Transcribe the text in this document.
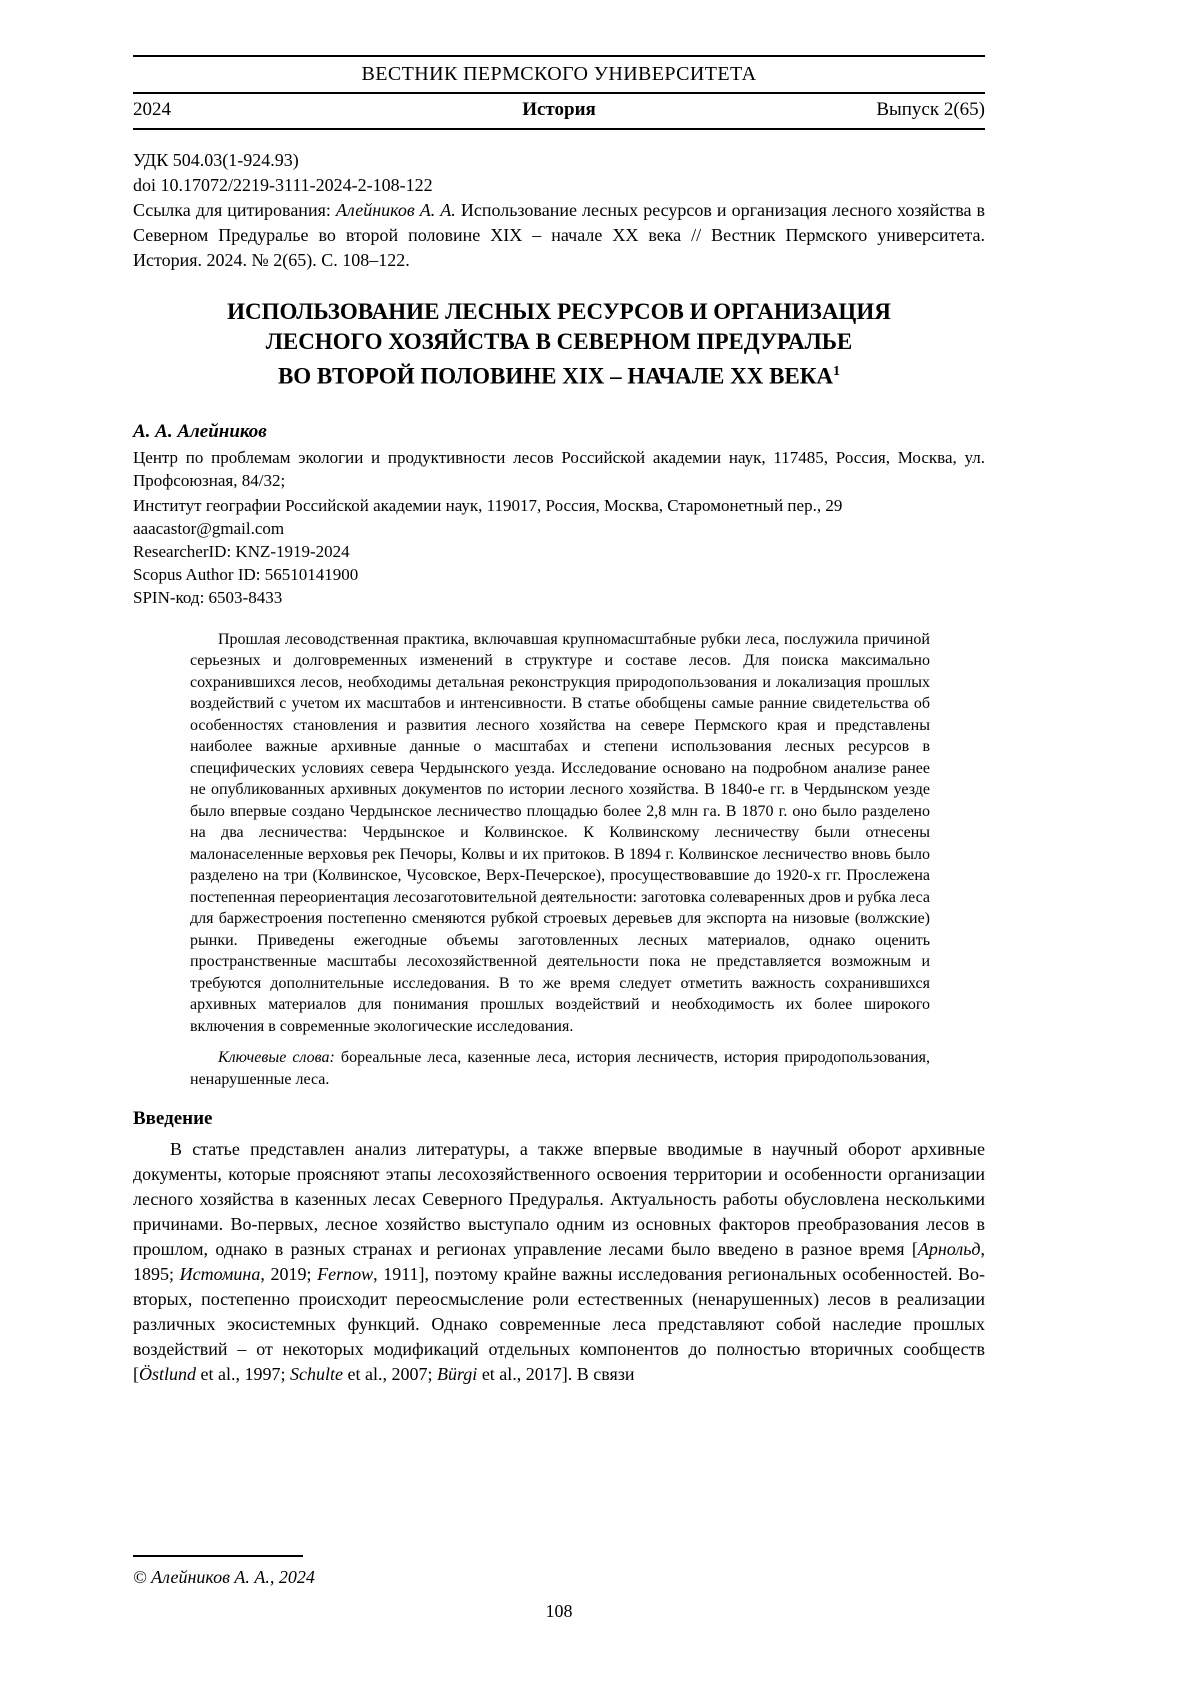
ВЕСТНИК ПЕРМСКОГО УНИВЕРСИТЕТА
2024	История	Выпуск 2(65)
УДК 504.03(1-924.93)
doi 10.17072/2219-3111-2024-2-108-122

Ссылка для цитирования: Алейников А. А. Использование лесных ресурсов и организация лесного хозяйства в Северном Предуралье во второй половине XIX – начале XX века // Вестник Пермского университета. История. 2024. № 2(65). С. 108–122.

ИСПОЛЬЗОВАНИЕ ЛЕСНЫХ РЕСУРСОВ И ОРГАНИЗАЦИЯ
ЛЕСНОГО ХОЗЯЙСТВА В СЕВЕРНОМ ПРЕДУРАЛЬЕ
ВО ВТОРОЙ ПОЛОВИНЕ XIX – НАЧАЛЕ XX ВЕКА$^1$
А. А. Алейников

Центр по проблемам экологии и продуктивности лесов Российской академии наук, 117485, Россия, Москва, ул. Профсоюзная, 84/32;

Институт географии Российской академии наук, 119017, Россия, Москва, Старомонетный пер., 29

aaacastor@gmail.com
ResearcherID: KNZ-1919-2024
Scopus Author ID: 56510141900
SPIN-код: 6503-8433

Прошлая лесоводственная практика, включавшая крупномасштабные рубки леса, послужила причиной серьезных и долговременных изменений в структуре и составе лесов. Для поиска максимально сохранившихся лесов, необходимы детальная реконструкция природопользования и локализация прошлых воздействий с учетом их масштабов и интенсивности. В статье обобщены самые ранние свидетельства об особенностях становления и развития лесного хозяйства на севере Пермского края и представлены наиболее важные архивные данные о масштабах и степени использования лесных ресурсов в специфических условиях севера Чердынского уезда. Исследование основано на подробном анализе ранее не опубликованных архивных документов по истории лесного хозяйства. В 1840-е гг. в Чердынском уезде было впервые создано Чердынское лесничество площадью более 2,8 млн га. В 1870 г. оно было разделено на два лесничества: Чердынское и Колвинское. К Колвинскому лесничеству были отнесены малонаселенные верховья рек Печоры, Колвы и их притоков. В 1894 г. Колвинское лесничество вновь было разделено на три (Колвинское, Чусовское, Верх-Печерское), просуществовавшие до 1920-х гг. Прослежена постепенная переориентация лесозаготовительной деятельности: заготовка солеваренных дров и рубка леса для баржестроения постепенно сменяются рубкой строевых деревьев для экспорта на низовые (волжские) рынки. Приведены ежегодные объемы заготовленных лесных материалов, однако оценить пространственные масштабы лесохозяйственной деятельности пока не представляется возможным и требуются дополнительные исследования. В то же время следует отметить важность сохранившихся архивных материалов для понимания прошлых воздействий и необходимость их более широкого включения в современные экологические исследования.

Ключевые слова: бореальные леса, казенные леса, история лесничеств, история природопользования, ненарушенные леса.

Введение

В статье представлен анализ литературы, а также впервые вводимые в научный оборот архивные документы, которые проясняют этапы лесохозяйственного освоения территории и особенности организации лесного хозяйства в казенных лесах Северного Предуралья. Актуальность работы обусловлена несколькими причинами. Во-первых, лесное хозяйство выступало одним из основных факторов преобразования лесов в прошлом, однако в разных странах и регионах управление лесами было введено в разное время [Арнольд, 1895; Истомина, 2019; Fernow, 1911], поэтому крайне важны исследования региональных особенностей. Во-вторых, постепенно происходит переосмысление роли естественных (ненарушенных) лесов в реализации различных экосистемных функций. Однако современные леса представляют собой наследие прошлых воздействий – от некоторых модификаций отдельных компонентов до полностью вторичных сообществ [Östlund et al., 1997; Schulte et al., 2007; Bürgi et al., 2017]. В связи

© Алейников А. А., 2024
108
